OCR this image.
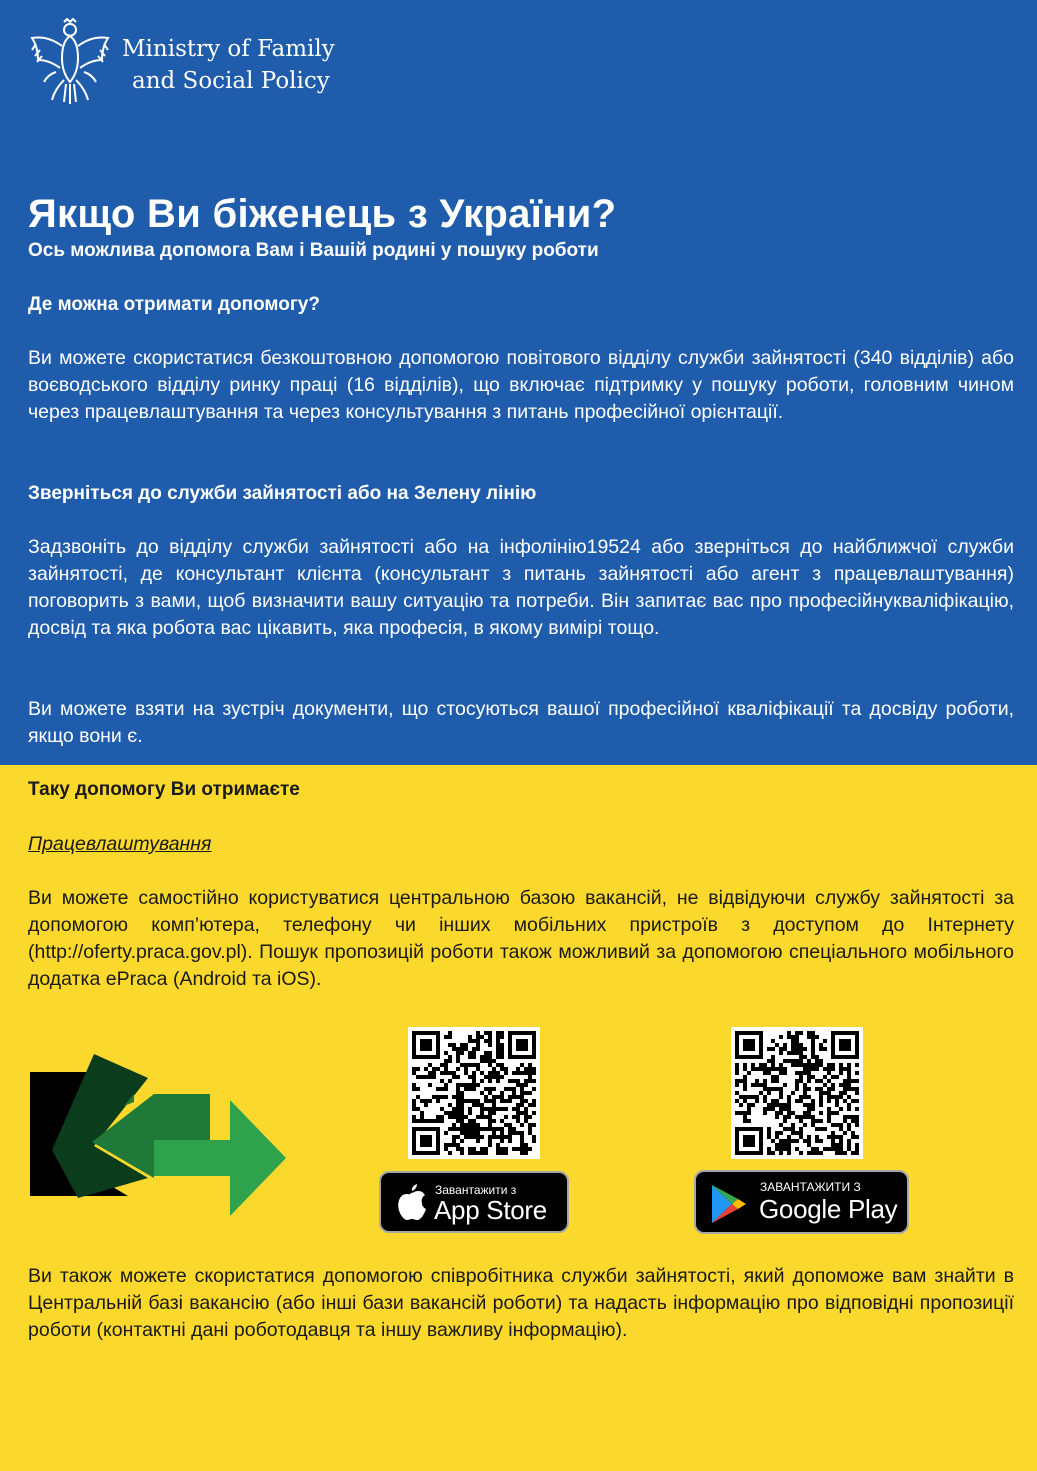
Ministry of Family
and Social Policy
Якщо Ви біженець з України?

Ось можлива допомога Вам і Вашій родині у пошуку роботи

Де можна отримати допомогу?

Ви можете скористатися безкоштовною допомогою повітового відділу служби зайнятості (340 відділів) або воєводського відділу ринку праці (16 відділів), що включає підтримку у пошуку роботи, головним чином через працевлаштування та через консультування з питань професійної орієнтації.

Зверніться до служби зайнятості або на Зелену лінію

Задзвоніть до відділу служби зайнятості або на інфолінію19524 або зверніться до найближчої служби зайнятості, де консультант клієнта (консультант з питань зайнятості або агент з працевлаштування) поговорить з вами, щоб визначити вашу ситуацію та потреби. Він запитає вас про професійнукваліфікацію, досвід та яка робота вас цікавить, яка професія, в якому вимірі тощо.

Ви можете взяти на зустріч документи, що стосуються вашої професійної кваліфікації та досвіду роботи, якщо вони є.

Таку допомогу Ви отримаєте

Працевлаштування

Ви можете самостійно користуватися центральною базою вакансій, не відвідуючи службу зайнятості за допомогою комп’ютера, телефону чи інших мобільних пристроїв з доступом до Інтернету (http://oferty.praca.gov.pl). Пошук пропозицій роботи також можливий за допомогою спеціального мобільного додатка ePraca (Android та iOS).

Завантажити з
App Store
ЗАВАНТАЖИТИ З
Google Play

Ви також можете скористатися допомогою співробітника служби зайнятості, який допоможе вам знайти в Центральній базі вакансію (або інші бази вакансій роботи) та надасть інформацію про відповідні пропозиції роботи (контактні дані роботодавця та іншу важливу інформацію).
